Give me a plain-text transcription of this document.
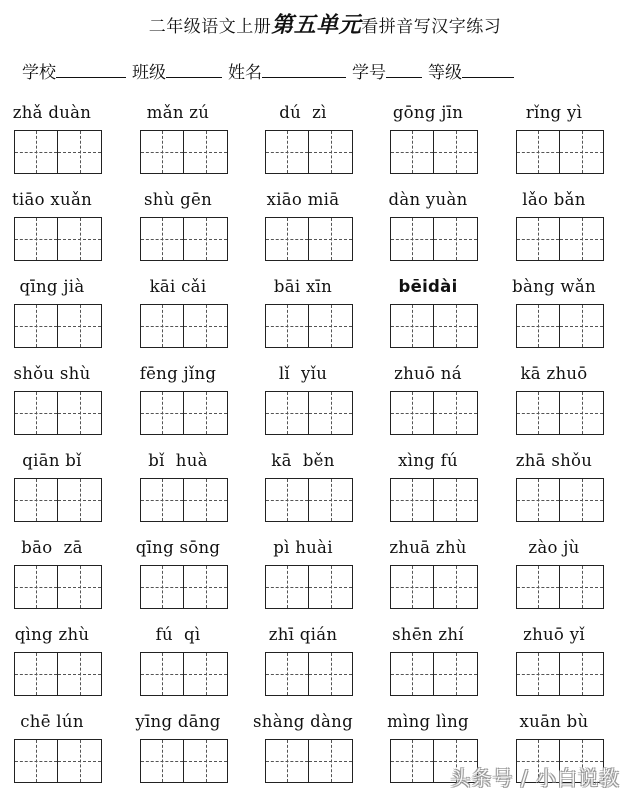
二年级语文上册第五单元看拼音写汉字练习
学校	班级	姓名	学号 等级
zhǎ duàn	mǎn zú	dú  zì	gōng jīn	rǐng yì
tiāo xuǎn	shù gēn	xiāo miā	dàn yuàn	lǎo bǎn
qīng jià	kāi cǎi	bāi xīn	bēidài	bàng wǎn
shǒu shù	fēng jǐng	lǐ  yǐu	zhuō ná	kā zhuō
qiān bǐ	bǐ  huà	kā  běn	xìng fú	zhā shǒu
bāo  zā	qīng sōng	pì huài	zhuā zhù	zào jù
qìng zhù	fú  qì	zhī qián	shēn zhí	zhuō yǐ
chē lún	yīng dāng	shàng dàng	mìng lìng	xuān bù
头条号 / 小白说教
